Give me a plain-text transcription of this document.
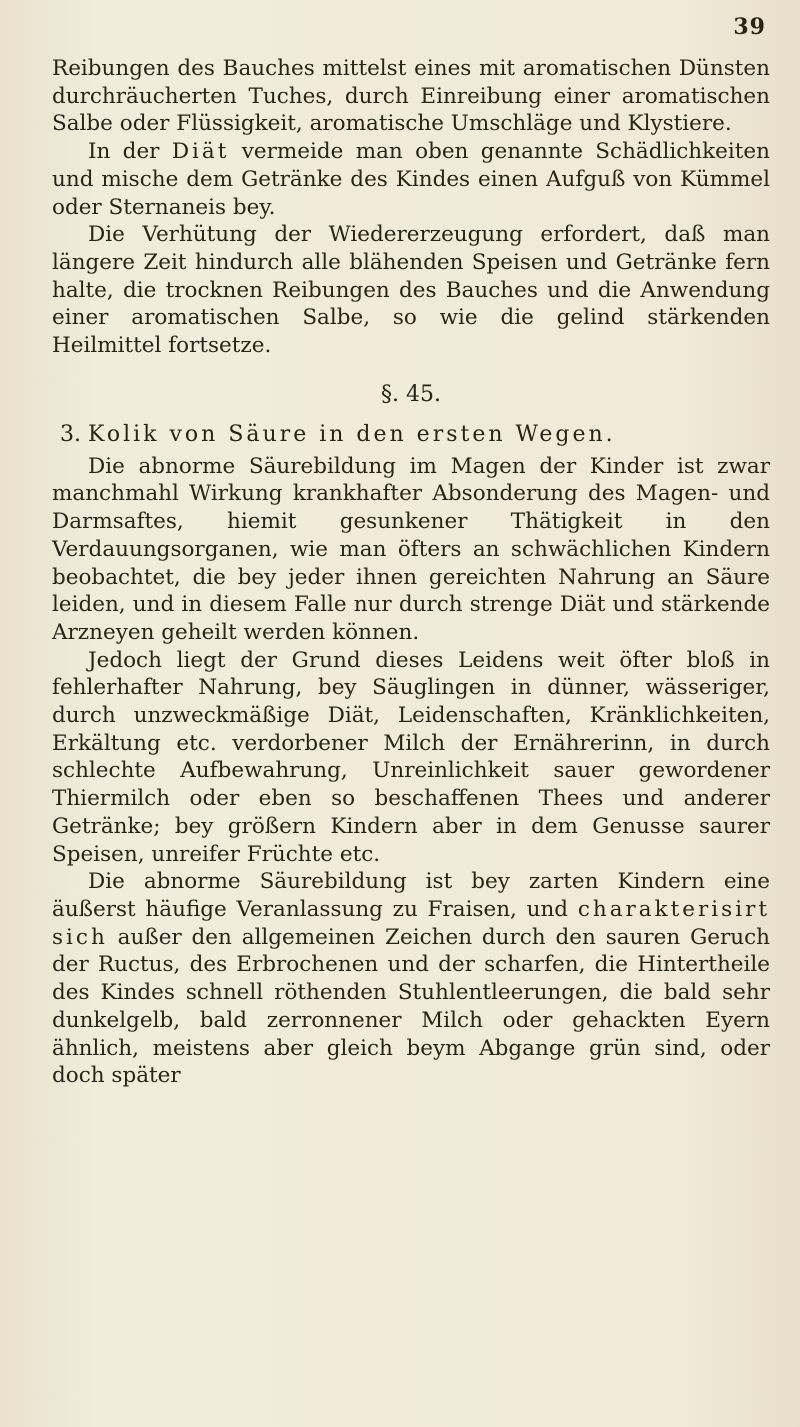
39

Reibungen des Bauches mittelst eines mit aromatischen Dünsten durchräucherten Tuches, durch Einreibung einer aromatischen Salbe oder Flüssigkeit, aromatische Umschläge und Klystiere.

In der Diät vermeide man oben genannte Schädlichkeiten und mische dem Getränke des Kindes einen Aufguß von Kümmel oder Sternaneis bey.

Die Verhütung der Wiedererzeugung erfordert, daß man längere Zeit hindurch alle blähenden Speisen und Getränke fern halte, die trocknen Reibungen des Bauches und die Anwendung einer aromatischen Salbe, so wie die gelind stärkenden Heilmittel fortsetze.

§. 45.
3. Kolik von Säure in den ersten Wegen.

Die abnorme Säurebildung im Magen der Kinder ist zwar manchmahl Wirkung krankhafter Absonderung des Magen- und Darmsaftes, hiemit gesunkener Thätigkeit in den Verdauungsorganen, wie man öfters an schwächlichen Kindern beobachtet, die bey jeder ihnen gereichten Nahrung an Säure leiden, und in diesem Falle nur durch strenge Diät und stärkende Arzneyen geheilt werden können.

Jedoch liegt der Grund dieses Leidens weit öfter bloß in fehlerhafter Nahrung, bey Säuglingen in dünner, wässeriger, durch unzweckmäßige Diät, Leidenschaften, Kränklichkeiten, Erkältung etc. verdorbener Milch der Ernährerinn, in durch schlechte Aufbewahrung, Unreinlichkeit sauer gewordener Thiermilch oder eben so beschaffenen Thees und anderer Getränke; bey größern Kindern aber in dem Genusse saurer Speisen, unreifer Früchte etc.

Die abnorme Säurebildung ist bey zarten Kindern eine äußerst häufige Veranlassung zu Fraisen, und charakterisirt sich außer den allgemeinen Zeichen durch den sauren Geruch der Ructus, des Erbrochenen und der scharfen, die Hintertheile des Kindes schnell röthenden Stuhlentleerungen, die bald sehr dunkelgelb, bald zerronnener Milch oder gehackten Eyern ähnlich, meistens aber gleich beym Abgange grün sind, oder doch später
